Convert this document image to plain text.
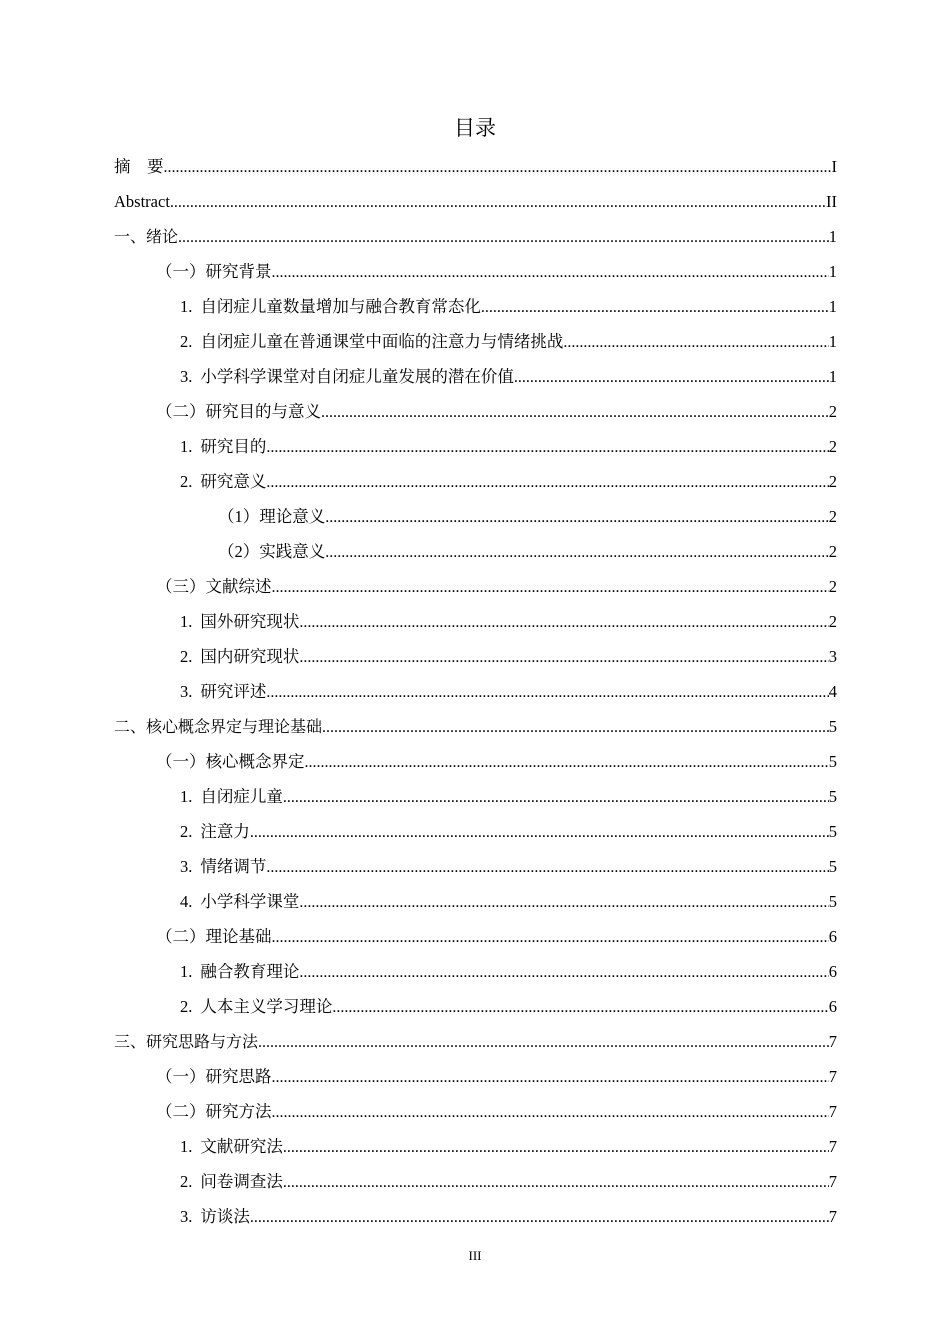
目录
摘　要 .....	I
Abstract .....	II
一、绪论 .....	1
（一）研究背景 .....	1
1. 自闭症儿童数量增加与融合教育常态化 .....	1
2. 自闭症儿童在普通课堂中面临的注意力与情绪挑战 .....	1
3. 小学科学课堂对自闭症儿童发展的潜在价值 .....	1
（二）研究目的与意义 .....	2
1. 研究目的 .....	2
2. 研究意义 .....	2
（1）理论意义 .....	2
（2）实践意义 .....	2
（三）文献综述 .....	2
1. 国外研究现状 .....	2
2. 国内研究现状 .....	3
3. 研究评述 .....	4
二、核心概念界定与理论基础 .....	5
（一）核心概念界定 .....	5
1. 自闭症儿童 .....	5
2. 注意力 .....	5
3. 情绪调节 .....	5
4. 小学科学课堂 .....	5
（二）理论基础 .....	6
1. 融合教育理论 .....	6
2. 人本主义学习理论 .....	6
三、研究思路与方法 .....	7
（一）研究思路 .....	7
（二）研究方法 .....	7
1. 文献研究法 .....	7
2. 问卷调查法 .....	7
3. 访谈法 .....	7
III
